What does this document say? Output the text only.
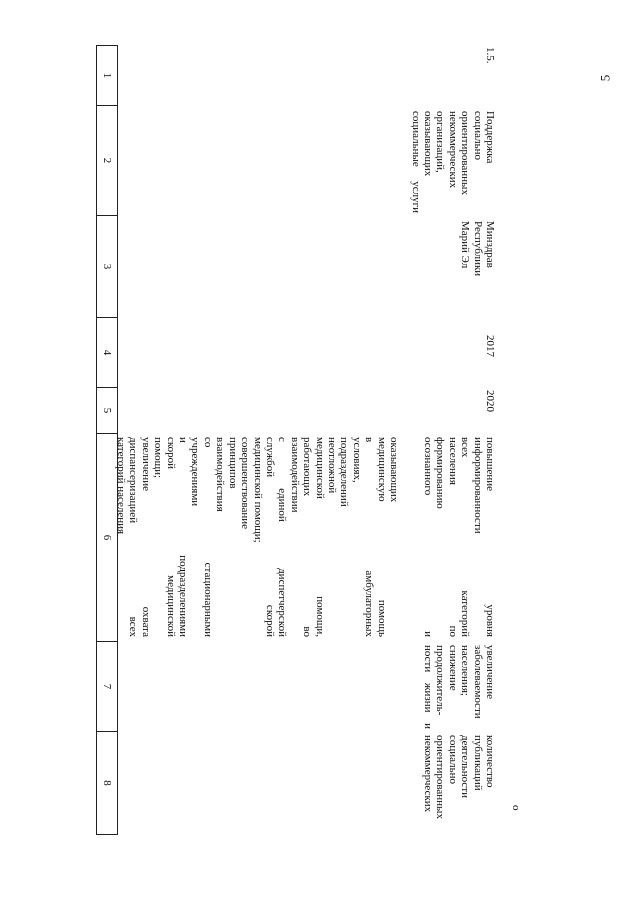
5
1
2
3
4
5
6
7
8
оказывающих
медицинскую помощь
в амбулаторных
условиях,
подразделений
неотложной
медицинской помощи,
работающих во
взаимодействии
с единой диспетчерской
службой скорой
медицинской помощи;
совершенствование
принципов
взаимодействия
со стационарными
учреждениями
и подразделениями
скорой медицинской
помощи;
увеличение охвата
диспансеризацией всех
категорий населения
1.5.
Поддержка социально
ориентированных
некоммерческих
организаций,
оказывающих
социальные услуги
Минздрав
Республики
Марий Эл
2017
2020
повышение уровня
информированности
всех категорий
населения по
формированию
осознанного и
увеличение
заболеваемости
населения;
снижение
продолжитель-
ности жизни и
количество
публикаций
деятельности
социально
ориентированных
некоммерческих	о
